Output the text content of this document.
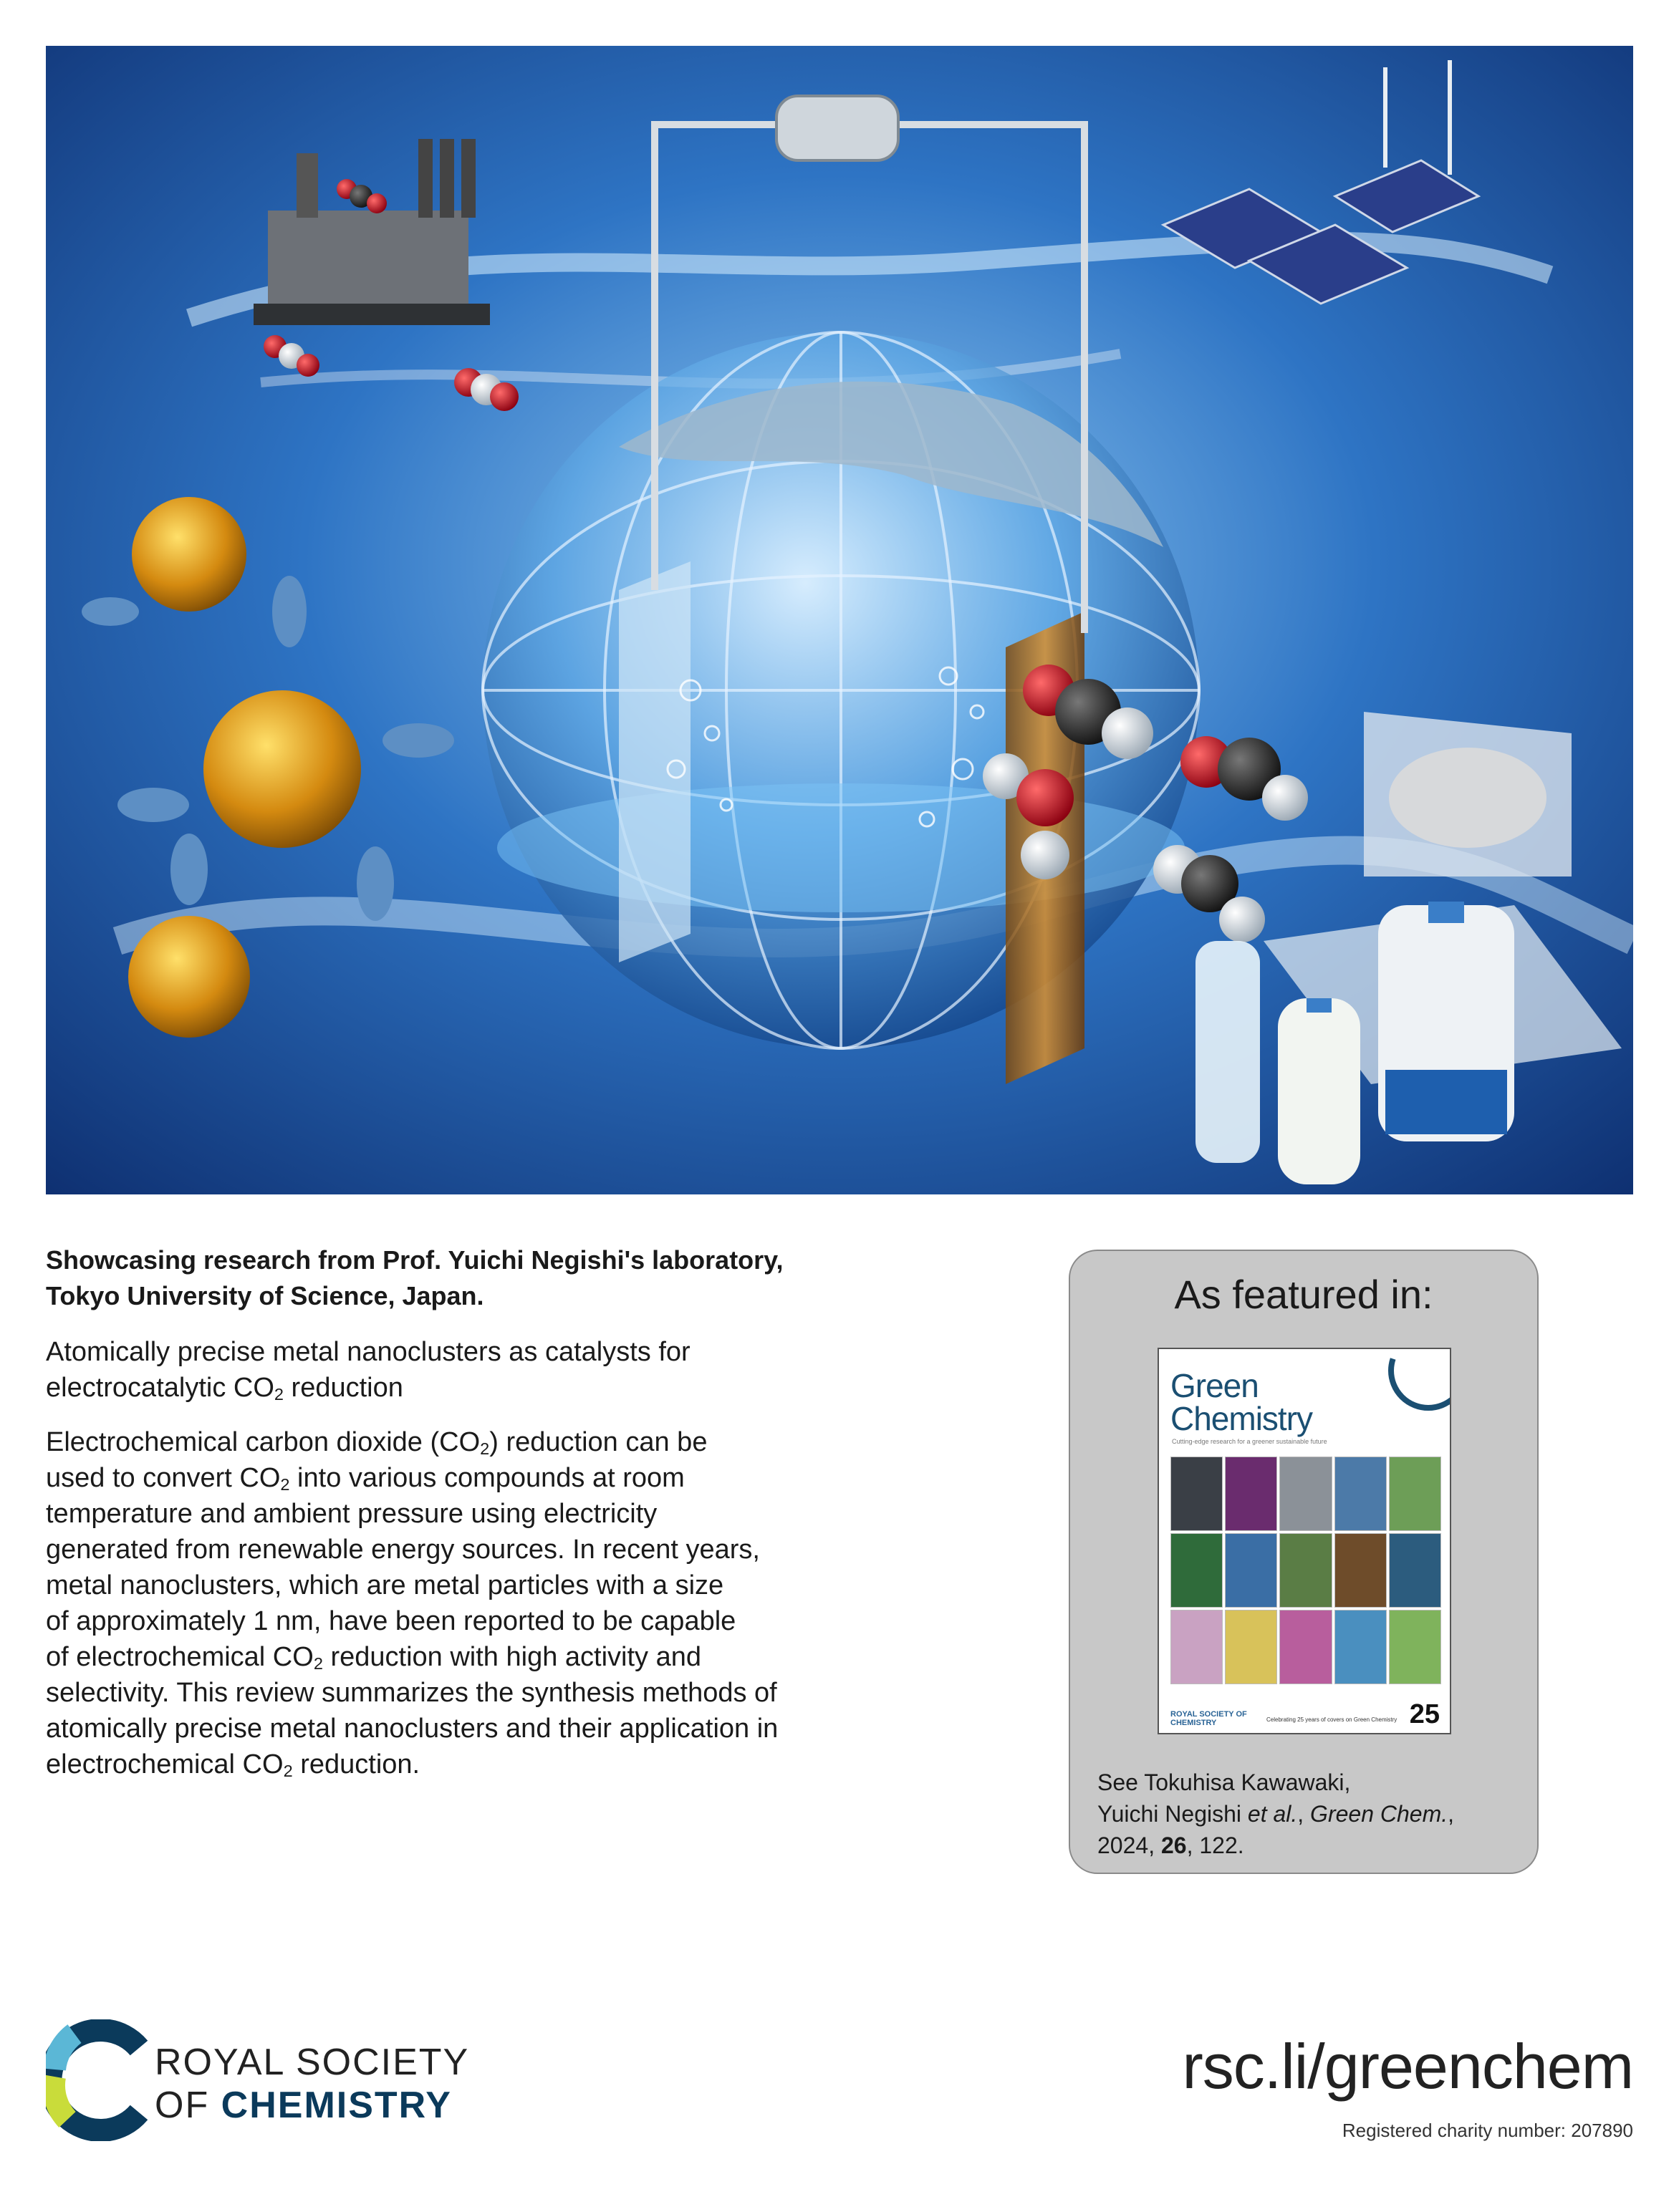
Showcasing research from Prof. Yuichi Negishi's laboratory,
Tokyo University of Science, Japan.

Atomically precise metal nanoclusters as catalysts for
electrocatalytic $CO_2$ reduction

Electrochemical carbon dioxide $(CO_2)$ reduction can be
used to convert $CO_2$ into various compounds at room
temperature and ambient pressure using electricity
generated from renewable energy sources. In recent years,
metal nanoclusters, which are metal particles with a size
of approximately 1 nm, have been reported to be capable
of electrochemical $CO_2$ reduction with high activity and
selectivity. This review summarizes the synthesis methods of
atomically precise metal nanoclusters and their application in
electrochemical $CO_2$ reduction.

As featured in:
Green
Chemistry
Cutting-edge research for a greener sustainable future
ROYAL SOCIETY OF CHEMISTRY	Celebrating 25 years of covers on Green Chemistry 25
See Tokuhisa Kawawaki,
Yuichi Negishi et al., Green Chem.,
2024, 26, 122.
ROYAL SOCIETY
OF CHEMISTRY
rsc.li/greenchem
Registered charity number: 207890
